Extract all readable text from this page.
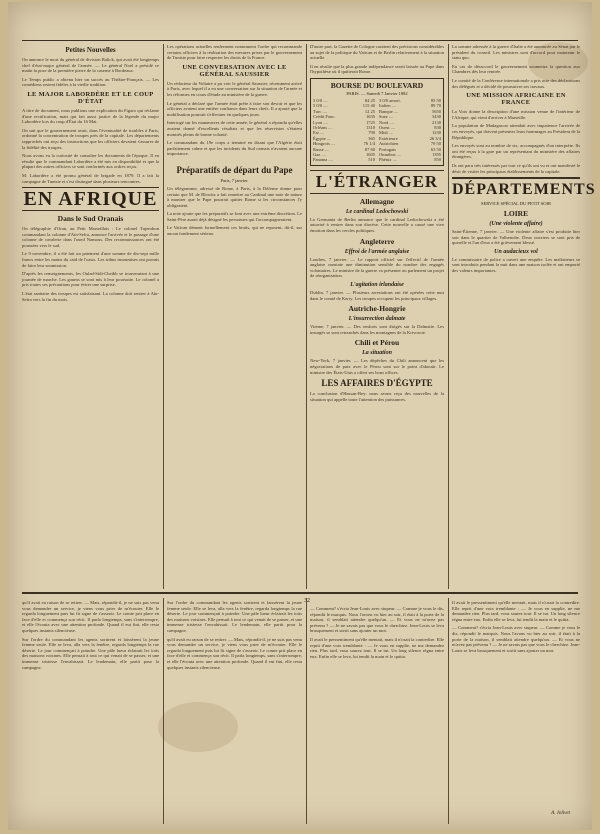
Petites Nouvelles

On annonce le mort du général de division Balick, qui avait été longtemps chef d'état-major général de l'armée. — Le général Noel a présidé ce matin la pose de la première pierre de la caserne à Bordeaux.

Le Temps public a obtenu hier un succès au Théâtre-Français. — Les comédiens restent fidèles à la vieille tradition.

LE MAJOR LABORDÈRE ET LE COUP D'ÉTAT

A titre de document, nous publions une explication du Figaro qui réclame d'une rectification, mais qui fait aussi justice de la légende du major Labordère lors du coup d'État du 16 Mai.

On sait que le gouvernement avait, dans l'éventualité de troubles à Paris, ordonné la concentration de troupes près de la capitale. Les départements rapprochés ont reçu des instructions que les officiers devaient s'assurer de la fidélité des troupes.

Nous avons eu la curiosité de consulter les documents de l'époque. Il en résulte que le commandant Labordère a été mis en disponibilité et que la plupart des autres officiers se sont conformés aux ordres reçus.

M. Labordère a été promu général de brigade en 1879. Il a fait la campagne de Tunisie et s'est distingué dans plusieurs rencontres.

EN AFRIQUE
Dans le Sud Oranais

On télégraphie d'Oran, au Petit Marseillais : Le colonel Tujendron commandant la colonne d'Aïn-Sefra, annonce l'arrivée et le passage d'une colonne de cavalerie dans l'oued Namous. Des reconnaissances ont été poussées vers le sud.

Le 9 novembre, il a été fait un paiement d'une somme de dix-sept mille francs entre les mains du caïd de l'oasis. Les tribus insoumises ont promis de faire leur soumission.

D'après les renseignements, les Oulad-Sidi-Cheikh se trouveraient à une journée de marche. Les goums se sont mis à leur poursuite. Le colonel a pris toutes ses précautions pour éviter une surprise.

L'état sanitaire des troupes est satisfaisant. La colonne doit rentrer à Aïn-Sefra vers la fin du mois.

Les opérations actuelles renferment notamment l'ordre qui recommande certains officiers à la réalisation des mesures prises par le gouvernement de Tunisie pour faire respecter les droits de la France.

UNE CONVERSATION AVEC LE GÉNÉRAL SAUSSIER

Un rédacteur du Voltaire a pu voir le général Saussier, récemment arrivé à Paris, avec lequel il a eu une conversation sur la situation de l'armée et les réformes en cours d'étude au ministère de la guerre.

Le général a déclaré que l'armée était prête à faire son devoir et que les officiers avaient une entière confiance dans leurs chefs. Il a ajouté que la mobilisation pourrait s'effectuer en quelques jours.

Interrogé sur les manœuvres de cette année, le général a répondu qu'elles avaient donné d'excellents résultats et que les réservistes s'étaient montrés pleins de bonne volonté.

Le commandant du 19e corps a terminé en disant que l'Algérie était parfaitement calme et que les incidents du Sud oranais n'avaient aucune importance.

Préparatifs de départ du Pape
Paris, 7 janvier.

Un télégramme, adressé de Rome, à Paris, à la Défense donne pour certain que M. de Blowitz a fait remettre au Cardinal une note de nature à montrer que le Pape pourrait quitter Rome si les circonstances l'y obligeaient.

La note ajoute que les préparatifs se font avec une extrême discrétion. Le Saint-Père aurait déjà désigné les personnes qui l'accompagneraient.

Le Vatican dément formellement ces bruits, qui ne reposent, dit-il, sur aucun fondement sérieux.

D'autre part, la Gazette de Cologne contient des précisions considérables au sujet de la politique du Vatican et de Berlin relativement à la situation actuelle.

Il en résulte que la plus grande indépendance serait laissée au Pape dans l'hypothèse où il quitterait Rome.

BOURSE DU BOULEVARD
PARIS. — Samedi 7 Janvier 1882
3 0/0 ....	84 25 3 0/0 amort.	85 50
5 0/0 ....	115 40 Italien ....	89 70
Turc ....	12 25 Banque ....	5650
Crédit Fonc.	1635 Suez ....	3430
Lyon ....	1725 Nord ....	2130
Orléans ....	1310 Ouest ....	830
Est ....	790 Midi ....	1230
Égypte ....	365 Extérieure	26 3/4
Hongrois ....	76 1/4 Autrichien	79 50
Russe ....	87 60 Portugais	63 50
Gaz ....	1605 Omnibus ....	1395
Panama ....	510 Phénix ....	850
L'ÉTRANGER
Allemagne
Le cardinal Ledochowski

La Germania de Berlin annonce que le cardinal Ledochowski a été autorisé à rentrer dans son diocèse. Cette nouvelle a causé une vive émotion dans les cercles politiques.

Angleterre
Effroi de l'armée anglaise

Londres, 7 janvier. — Le rapport officiel sur l'effectif de l'armée anglaise constate une diminution sensible du nombre des engagés volontaires. Le ministre de la guerre va présenter au parlement un projet de réorganisation.

L'agitation irlandaise

Dublin, 7 janvier. — Plusieurs arrestations ont été opérées cette nuit dans le comté de Kerry. Les troupes occupent les principaux villages.

Autriche-Hongrie
L'insurrection dalmate

Vienne, 7 janvier. — Des renforts sont dirigés sur la Dalmatie. Les insurgés se sont retranchés dans les montagnes de la Krivoscie.

Chili et Pérou
La situation

New-York, 7 janvier. — Les dépêches du Chili annoncent que les négociations de paix avec le Pérou sont sur le point d'aboutir. Le ministre des États-Unis a offert ses bons offices.

LES AFFAIRES D'ÉGYPTE

La conclusion d'Hassan-Bey: nous avons reçu des nouvelles de la situation qui appelle toute l'attention des puissances.

La somme adressée à la guerre d'Italie a été annoncée au Sénat par le président du conseil. Les ministres sont d'accord pour maintenir le statu quo.

En cas de désaccord le gouvernement soumettra la question aux Chambres dès leur rentrée.

Le comité de la Conférence internationale a pris acte des déclarations des délégués et a décidé de poursuivre ses travaux.

UNE MISSION AFRICAINE EN FRANCE

La Voix donne la description d'une mission venue de l'intérieur de l'Afrique, qui vient d'arriver à Marseille.

La population de Madagascar attendait avec impatience l'arrivée de ces envoyés, qui doivent présenter leurs hommages au Président de la République.

Les envoyés sont au nombre de six, accompagnés d'un interprète. Ils ont été reçus à la gare par un représentant du ministère des affaires étrangères.

Ils ont paru très intéressés par tout ce qu'ils ont vu et ont manifesté le désir de visiter les principaux établissements de la capitale.

DÉPARTEMENTS
SERVICE SPÉCIAL DU PETIT SOIR
LOIRE
(Une violente affaire)

Saint-Étienne, 7 janvier. — Une violente affaire s'est produite hier soir dans le quartier de Valbenoîte. Deux ouvriers se sont pris de querelle et l'un d'eux a été grièvement blessé.

Un audacieux vol

Le commissaire de police a ouvert une enquête. Les malfaiteurs se sont introduits pendant la nuit dans une maison isolée et ont emporté des valeurs importantes.

32

qu'il avait eu raison de se retirer. — Mais, répondit-il, je ne suis pas venu vous demander un service, je viens vous prier de m'écouter. Elle le regarda longuement puis lui fit signe de s'asseoir. Le comte prit place en face d'elle et commença son récit. Il parla longtemps, sans s'interrompre, et elle l'écouta avec une attention profonde. Quand il eut fini, elle resta quelques instants silencieuse.

Sur l'ordre du commandant les agents sortirent et laissèrent la jeune femme seule. Elle se leva, alla vers la fenêtre, regarda longtemps la rue déserte. Le jour commençait à poindre. Une pâle lueur éclairait les toits des maisons voisines. Elle pensait à tout ce qui venait de se passer, et une immense tristesse l'envahissait. Le lendemain, elle partit pour la campagne.

Sur l'ordre du commandant les agents sortirent et laissèrent la jeune femme seule. Elle se leva, alla vers la fenêtre, regarda longtemps la rue déserte. Le jour commençait à poindre. Une pâle lueur éclairait les toits des maisons voisines. Elle pensait à tout ce qui venait de se passer, et une immense tristesse l'envahissait. Le lendemain, elle partit pour la campagne.

qu'il avait eu raison de se retirer. — Mais, répondit-il, je ne suis pas venu vous demander un service, je viens vous prier de m'écouter. Elle le regarda longuement puis lui fit signe de s'asseoir. Le comte prit place en face d'elle et commença son récit. Il parla longtemps, sans s'interrompre, et elle l'écouta avec une attention profonde. Quand il eut fini, elle resta quelques instants silencieuse.

— Comment? s'écria Jean-Louis avec stupeur. — Comme je vous le dis, répondit le marquis. Nous l'avons vu hier au soir, il était à la porte de la maison, il semblait attendre quelqu'un. — Et vous ne m'avez pas prévenu ? — Je ne savais pas que vous le cherchiez. Jean-Louis se leva brusquement et sortit sans ajouter un mot.

Il avait le pressentiment qu'elle mentait, mais il n'osait la contredire. Elle reprit d'une voix tremblante : — Je vous en supplie, ne me demandez rien. Plus tard, vous saurez tout. Il se tut. Un long silence régna entre eux. Enfin elle se leva, lui tendit la main et le quitta.

Il avait le pressentiment qu'elle mentait, mais il n'osait la contredire. Elle reprit d'une voix tremblante : — Je vous en supplie, ne me demandez rien. Plus tard, vous saurez tout. Il se tut. Un long silence régna entre eux. Enfin elle se leva, lui tendit la main et le quitta.

— Comment? s'écria Jean-Louis avec stupeur. — Comme je vous le dis, répondit le marquis. Nous l'avons vu hier au soir, il était à la porte de la maison, il semblait attendre quelqu'un. — Et vous ne m'avez pas prévenu ? — Je ne savais pas que vous le cherchiez. Jean-Louis se leva brusquement et sortit sans ajouter un mot.

A. Jolivet
